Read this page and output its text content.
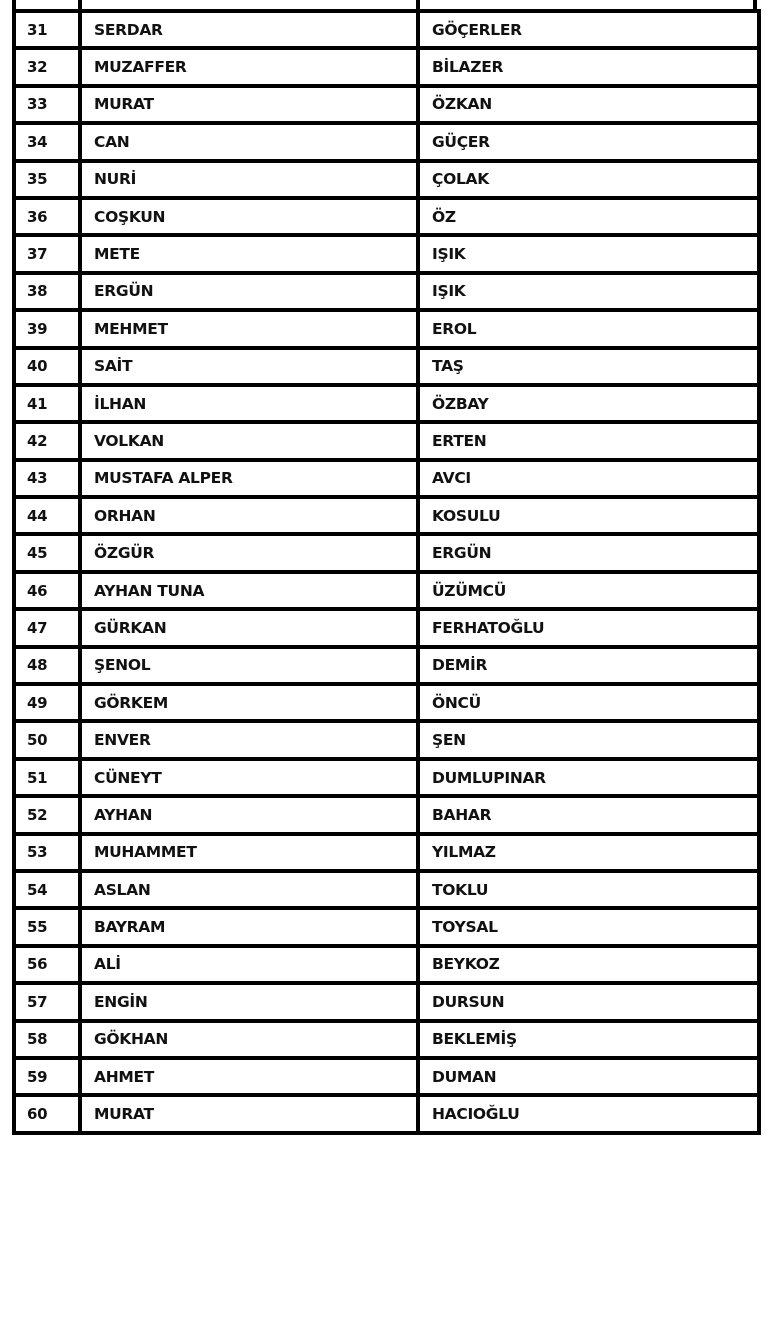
31	SERDAR	GÖÇERLER
32	MUZAFFER	BİLAZER
33	MURAT	ÖZKAN
34	CAN	GÜÇER
35	NURİ	ÇOLAK
36	COŞKUN	ÖZ
37	METE	IŞIK
38	ERGÜN	IŞIK
39	MEHMET	EROL
40	SAİT	TAŞ
41	İLHAN	ÖZBAY
42	VOLKAN	ERTEN
43	MUSTAFA ALPER	AVCI
44	ORHAN	KOSULU
45	ÖZGÜR	ERGÜN
46	AYHAN TUNA	ÜZÜMCÜ
47	GÜRKAN	FERHATOĞLU
48	ŞENOL	DEMİR
49	GÖRKEM	ÖNCÜ
50	ENVER	ŞEN
51	CÜNEYT	DUMLUPINAR
52	AYHAN	BAHAR
53	MUHAMMET	YILMAZ
54	ASLAN	TOKLU
55	BAYRAM	TOYSAL
56	ALİ	BEYKOZ
57	ENGİN	DURSUN
58	GÖKHAN	BEKLEMİŞ
59	AHMET	DUMAN
60	MURAT	HACIOĞLU
